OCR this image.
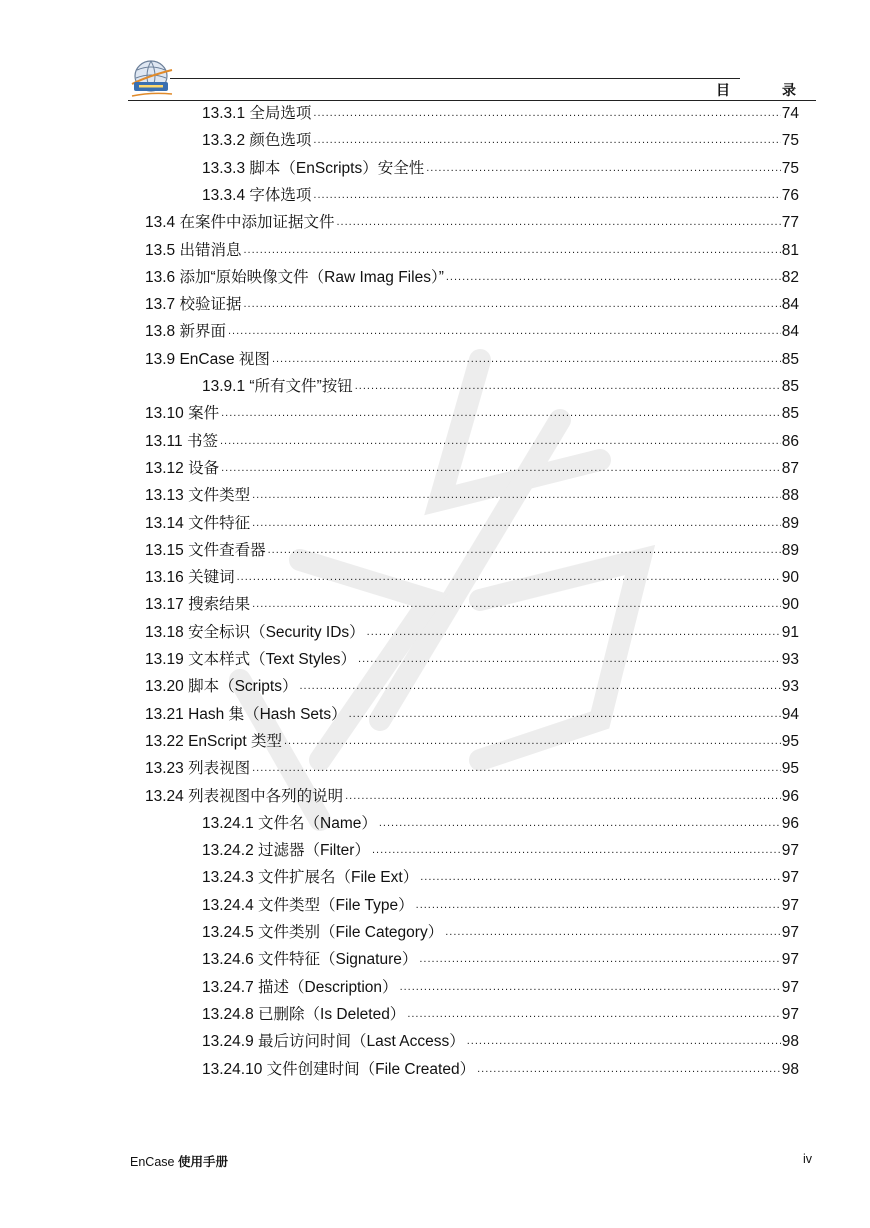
目录
13.3.1 全局选项 .....	74
13.3.2 颜色选项 .....	75
13.3.3 脚本（EnScripts）安全性 .....	75
13.3.4 字体选项 .....	76
13.4 在案件中添加证据文件 .....	77
13.5 出错消息 .....	81
13.6 添加“原始映像文件（Raw Imag Files）” .....	82
13.7 校验证据 .....	84
13.8 新界面 .....	84
13.9 EnCase 视图 .....	85
13.9.1 “所有文件”按钮 .....	85
13.10 案件 .....	85
13.11 书签 .....	86
13.12 设备 .....	87
13.13 文件类型 .....	88
13.14 文件特征 .....	89
13.15 文件查看器 .....	89
13.16 关键词 .....	90
13.17 搜索结果 .....	90
13.18 安全标识（Security IDs） .....	91
13.19 文本样式（Text Styles） .....	93
13.20 脚本（Scripts） .....	93
13.21 Hash 集（Hash Sets） .....	94
13.22 EnScript 类型 .....	95
13.23 列表视图 .....	95
13.24 列表视图中各列的说明 .....	96
13.24.1 文件名（Name） .....	96
13.24.2 过滤器（Filter） .....	97
13.24.3 文件扩展名（File Ext） .....	97
13.24.4 文件类型（File Type） .....	97
13.24.5 文件类别（File Category） .....	97
13.24.6 文件特征（Signature） .....	97
13.24.7 描述（Description） .....	97
13.24.8 已删除（Is Deleted） .....	97
13.24.9 最后访问时间（Last Access） .....	98
13.24.10 文件创建时间（File Created） .....	98
EnCase 使用手册	iv
